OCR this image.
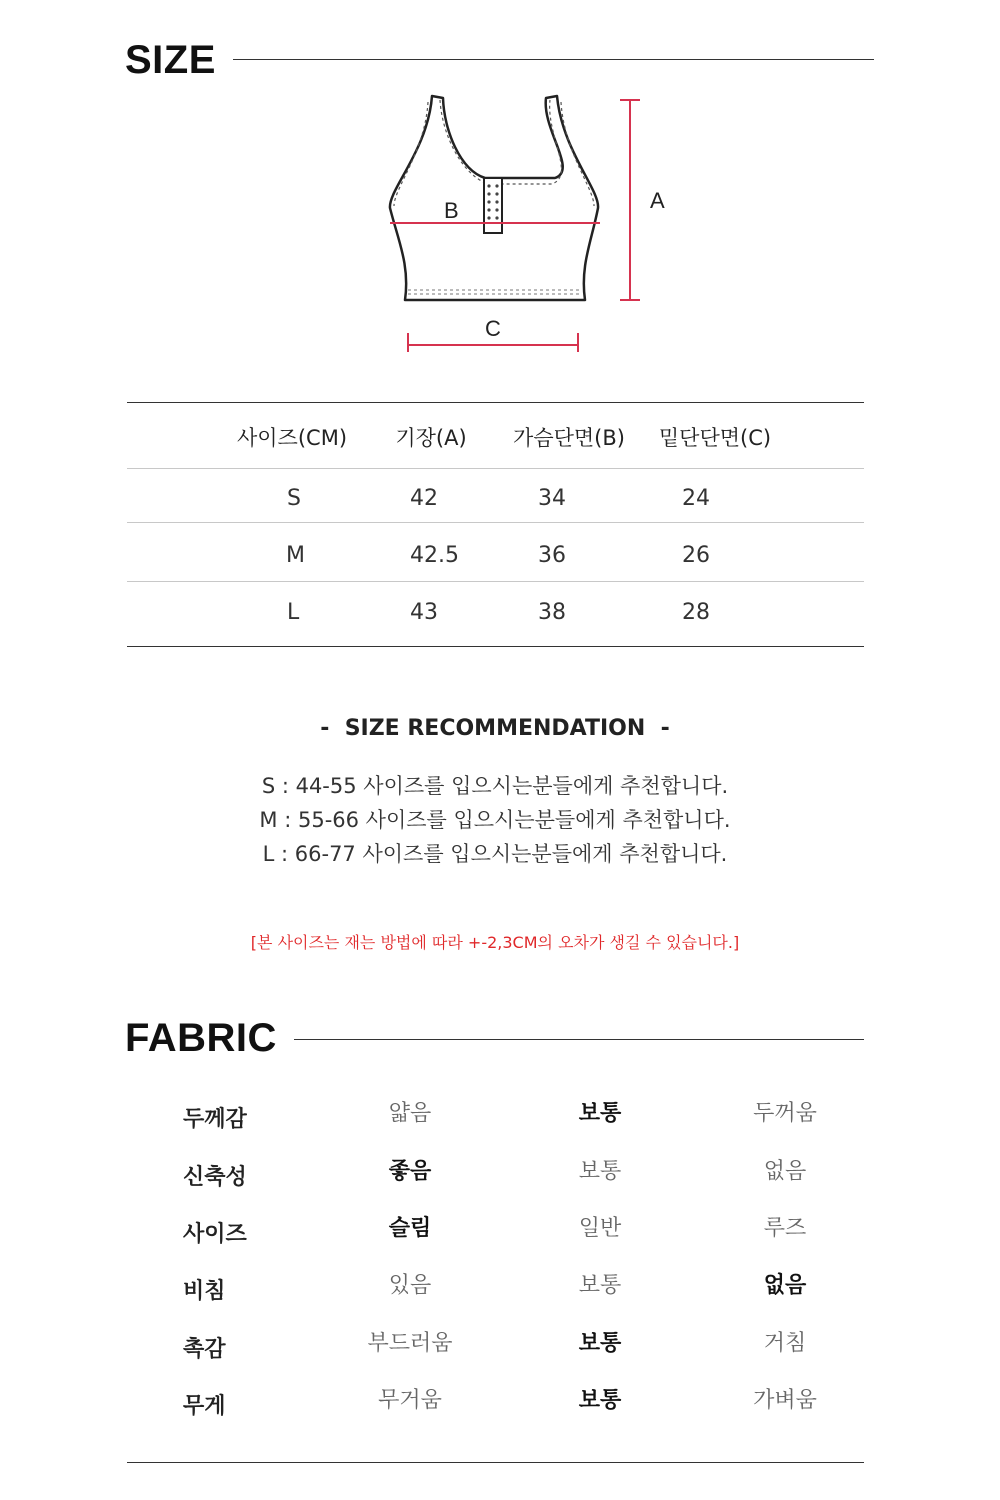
SIZE
A
B
C
사이즈(CM)	기장(A)	가슴단면(B)	밑단단면(C)
S	42	34	24
M	42.5	36	26
L	43	38	28
-  SIZE RECOMMENDATION  -
S : 44-55 사이즈를 입으시는분들에게 추천합니다.
M : 55-66 사이즈를 입으시는분들에게 추천합니다.
L : 66-77 사이즈를 입으시는분들에게 추천합니다.
[본 사이즈는 재는 방법에 따라 +-2,3CM의 오차가 생길 수 있습니다.]
FABRIC
두께감	얇음	보통	두꺼움
신축성	좋음	보통	없음
사이즈	슬림	일반	루즈
비침	있음	보통	없음
촉감	부드러움	보통	거침
무게	무거움	보통	가벼움
